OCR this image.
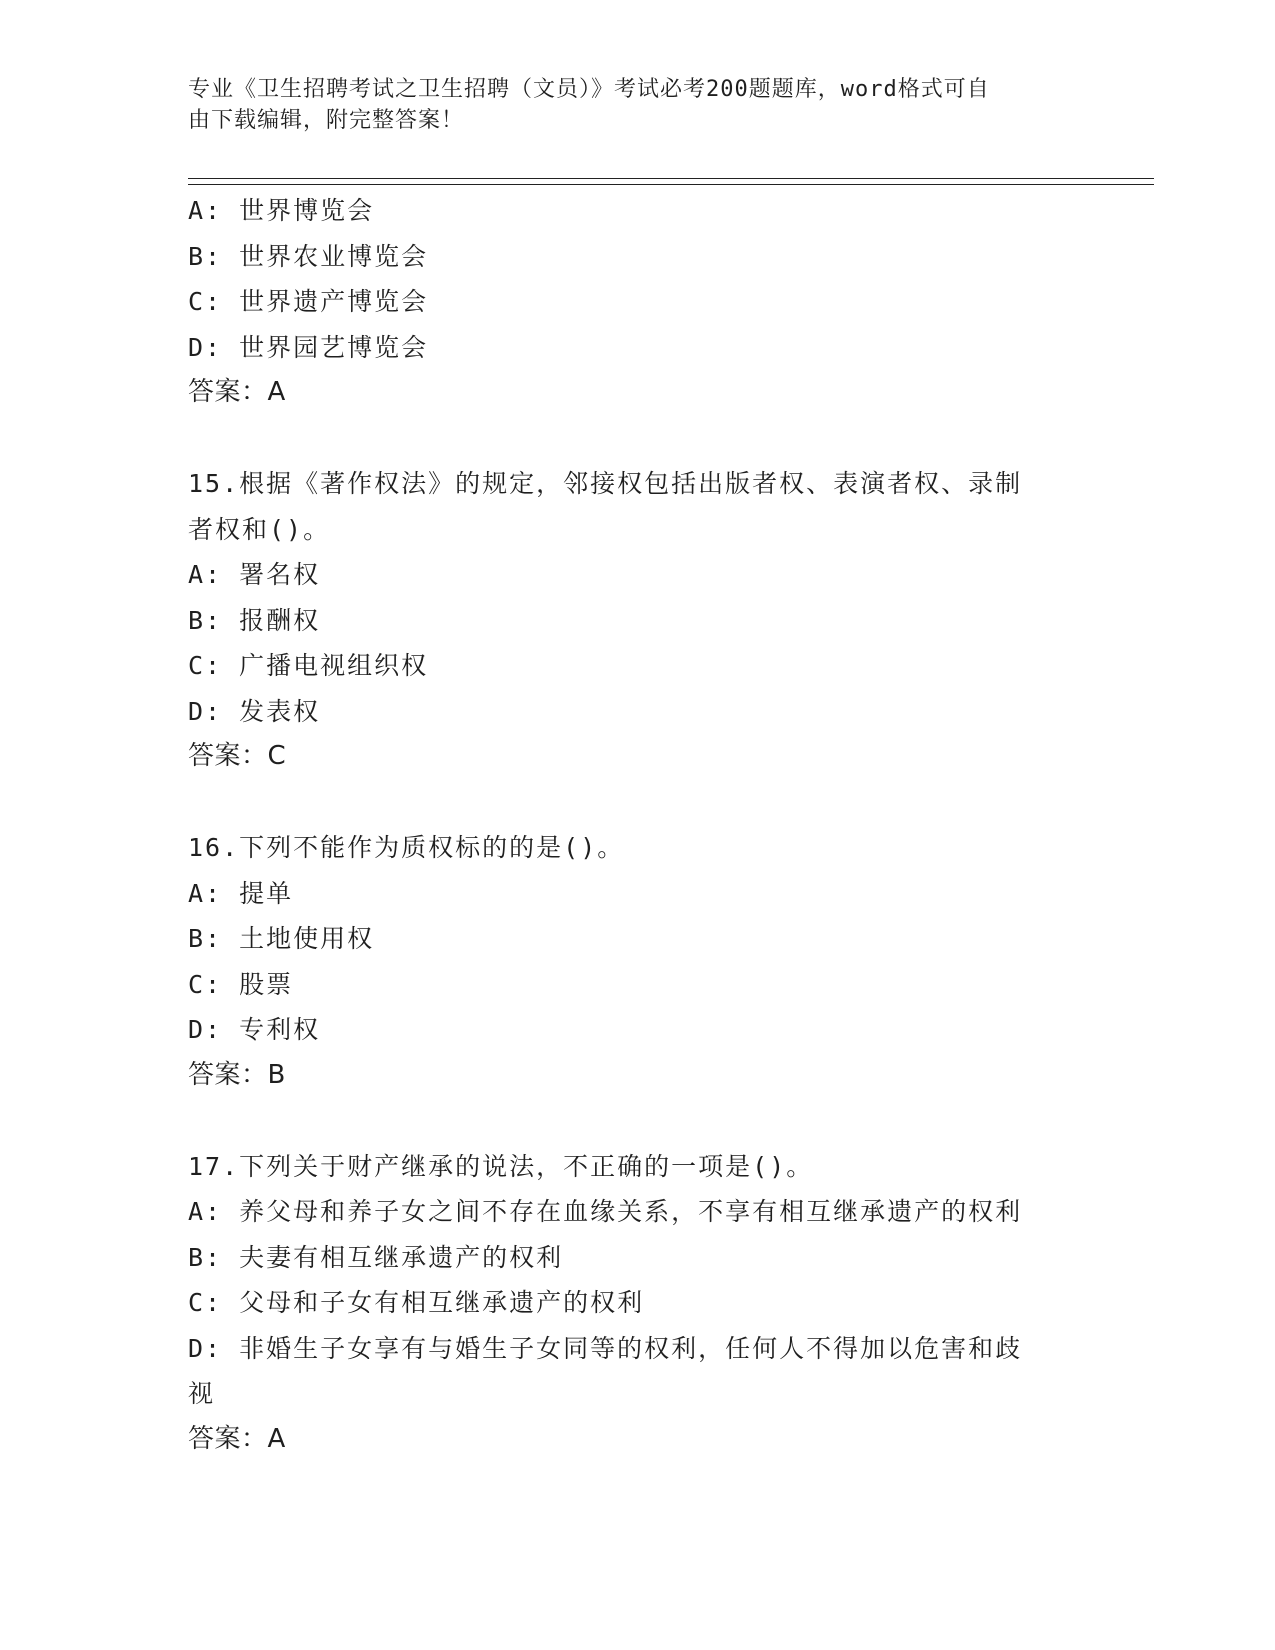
专业《卫生招聘考试之卫生招聘（文员）》考试必考200题题库，word格式可自
由下载编辑，附完整答案！
A: 世界博览会
B: 世界农业博览会
C: 世界遗产博览会
D: 世界园艺博览会
答案：A
15.根据《著作权法》的规定，邻接权包括出版者权、表演者权、录制
者权和()。
A: 署名权
B: 报酬权
C: 广播电视组织权
D: 发表权
答案：C
16.下列不能作为质权标的的是()。
A: 提单
B: 土地使用权
C: 股票
D: 专利权
答案：B
17.下列关于财产继承的说法，不正确的一项是()。
A: 养父母和养子女之间不存在血缘关系，不享有相互继承遗产的权利
B: 夫妻有相互继承遗产的权利
C: 父母和子女有相互继承遗产的权利
D: 非婚生子女享有与婚生子女同等的权利，任何人不得加以危害和歧
视
答案：A
